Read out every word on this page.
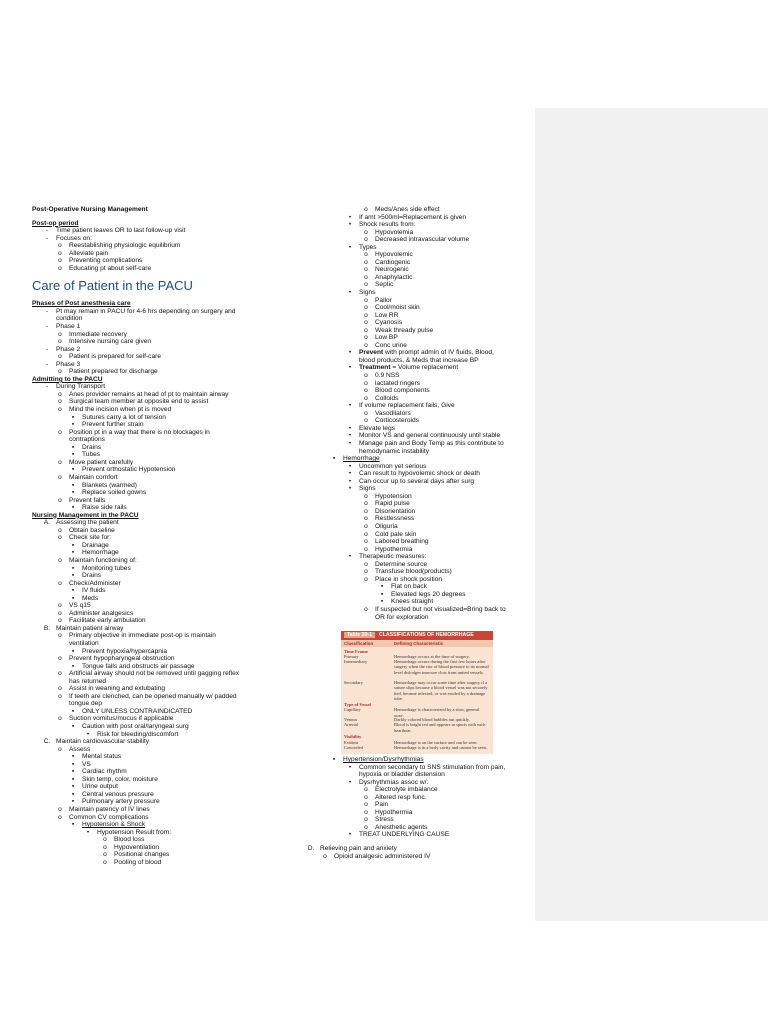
Post-Operative Nursing Management
Post-op period
-	Time patient leaves OR to last follow-up visit
-	Focuses on:
o	Reestablishing physiologic equilibrium
o	Alleviate pain
o	Preventing complications
o	Educating pt about self-care
Care of Patient in the PACU
Phases of Post anesthesia care
-	Pt may remain in PACU for 4-6 hrs depending on surgery and
condition
-	Phase 1
o	Immediate recovery
o	Intensive nursing care given
-	Phase 2
o	Patient is prepared for self-care
-	Phase 3
o	Patient prepared for discharge
Admitting to the PACU
-	During Transport
o	Anes provider remains at head of pt to maintain airway
o	Surgical team member at opposite end to assist
o	Mind the incision when pt is moved
▪	Sutures carry a lot of tension
▪	Prevent further strain
o	Position pt in a way that there is no blockages in
contraptions
▪	Drains
▪	Tubes
o	Move patient carefully
▪	Prevent orthostatic Hypotension
o	Maintain comfort
▪	Blankets (warmed)
▪	Replace soiled gowns
o	Prevent falls
▪	Raise side rails
Nursing Management in the PACU
A. Assessing the patient
o	Obtain baseline
o	Check site for:
▪	Drainage
▪	Hemorrhage
o	Maintain functioning of:
▪	Monitoring tubes
▪	Drains
o	Check/Administer
▪	IV fluids
▪	Meds
o	VS q15
o	Administer analgesics
o	Facilitate early ambulation
B. Maintain patient airway
o	Primary objective in immediate post-op is maintain
ventilation
▪	Prevent hypoxia/hypercapnia
o	Prevent hypopharyngeal obstruction
▪	Tongue falls and obstructs air passage
o	Artificial airway should not be removed until gagging reflex
has returned
o	Assist in weaning and extubating
o	If teeth are clenched, can be opened manually w/ padded
tongue dep
▪	ONLY UNLESS CONTRAINDICATED
o	Suction vomitus/mucus if applicable
▪	Caution with post oral/laryngeal surg
•	Risk for bleeding/discomfort
C. Maintain cardiovascular stability
o	Assess
▪	Mental status
▪	VS
▪	Cardiac rhythm
▪	Skin temp, color, moisture
▪	Urine output
▪	Central venous pressure
▪	Pulmonary artery pressure
o	Maintain patency of IV lines
o	Common CV complications
▪	Hypotension & Shock
•	Hypotension Result from:
o	Blood loss
o	Hypoventilation
o	Positional changes
o	Pooling of blood
o	Meds/Anes side effect
•	If amt >500ml=Replacement is given
•	Shock results from:
o	Hypovolemia
o	Decreased intravascular volume
•	Types
o	Hypovolemic
o	Cardiogenic
o	Neurogenic
o	Anaphylactic
o	Septic
•	Signs
o	Pallor
o	Cool/moist skin
o	Low RR
o	Cyanosis
o	Weak thready pulse
o	Low BP
o	Conc urine
•	Prevent with prompt admin of IV fluids, Blood,
blood products, & Meds that increase BP
•	Treatment = Volume replacement
o	0.9 NSS
o	lactated ringers
o	Blood components
o	Colloids
•	If volume replacement fails, Give
o	Vasodilators
o	Corticosteroids
•	Elevate legs
•	Monitor VS and general continuously until stable
•	Manage pain and Body Temp as this contribute to
hemodynamic instability
▪	Hemorrhage
•	Uncommon yet serious
•	Can result to hypovolemic shock or death
•	Can occur up to several days after surg
•	Signs
o	Hypotension
o	Rapid pulse
o	Disorientation
o	Restlessness
o	Oliguria
o	Cold pale skin
o	Labored breathing
o	Hypothermia
•	Therapeutic measures:
o	Determine source
o	Transfuse blood(products)
o	Place in shock position
▪	Flat on back
▪	Elevated legs 20 degrees
▪	Knees straight
o	If suspected but not visualized=Bring back to
OR for exploration
▪	Hypertension/Dysrhythmias
•	Common secondary to SNS stimulation from pain,
hypoxia or bladder distension
•	Dysrhythmias assoc w/:
o	Electrolyte imbalance
o	Altered resp func.
o	Pain
o	Hypothermia
o	Stress
o	Anesthetic agents
•	TREAT UNDERLYING CAUSE
D. Relieving pain and anxiety
o	Opioid analgesic administered IV
Table 20-1 CLASSIFICATIONS OF HEMORRHAGE
Classification	Defining Characteristic
Time Frame
Primary	Hemorrhage occurs at the time of surgery.
Intermediary	Hemorrhage occurs during the first few hours after surgery when the rise of blood pressure to its normal level dislodges insecure clots from untied vessels.
Secondary	Hemorrhage may occur some time after surgery if a suture slips because a blood vessel was not securely tied, became infected, or was eroded by a drainage tube.
Type of Vessel
Capillary	Hemorrhage is characterized by a slow, general ooze.
Venous	Darkly colored blood bubbles out quickly.
Arterial	Blood is bright red and appears in spurts with each heartbeat.
Visibility
Evident	Hemorrhage is on the surface and can be seen.
Concealed	Hemorrhage is in a body cavity and cannot be seen.
